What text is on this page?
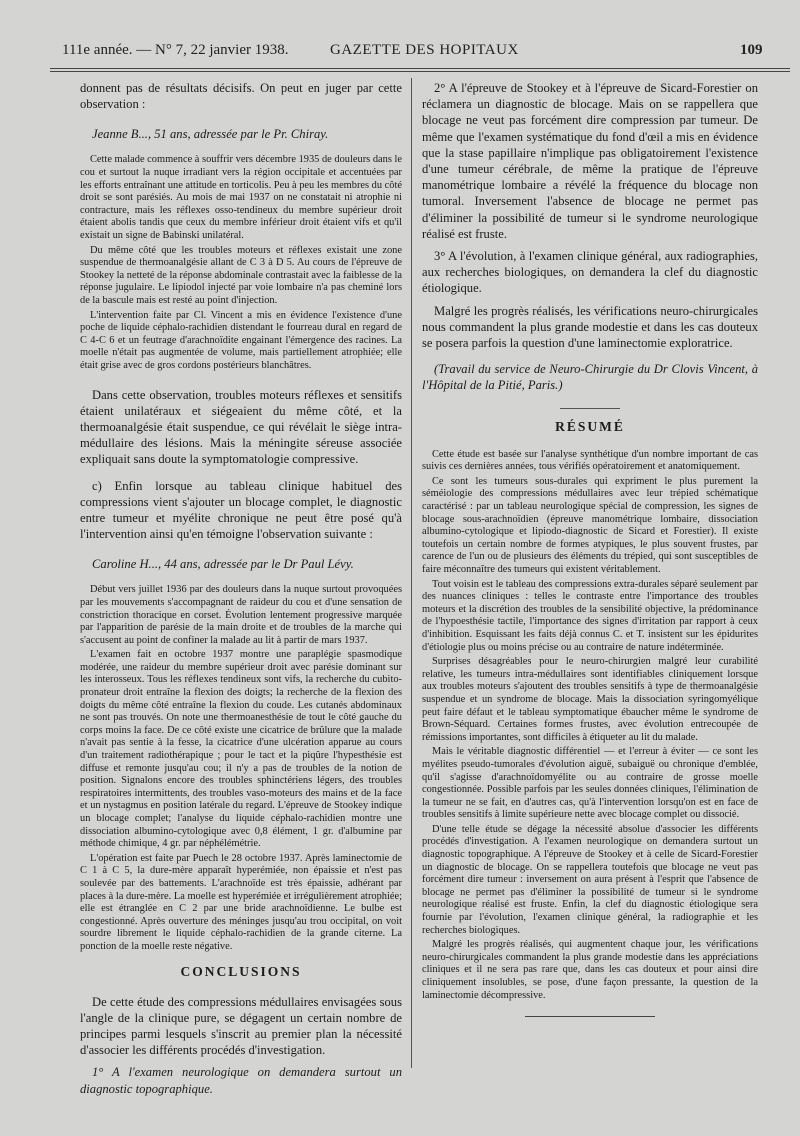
111e année. — N° 7, 22 janvier 1938.	GAZETTE DES HOPITAUX	109

donnent pas de résultats décisifs. On peut en juger par cette observation :

Jeanne B..., 51 ans, adressée par le Pr. Chiray.

Cette malade commence à souffrir vers décembre 1935 de douleurs dans le cou et surtout la nuque irradiant vers la région occipitale et accentuées par les efforts entraînant une attitude en torticolis. Peu à peu les membres du côté droit se sont parésiés. Au mois de mai 1937 on ne constatait ni atrophie ni contracture, mais les réflexes osso-tendineux du membre supérieur droit étaient abolis tandis que ceux du membre inférieur droit étaient vifs et qu'il existait un signe de Babinski unilatéral.

Du même côté que les troubles moteurs et réflexes existait une zone suspendue de thermoanalgésie allant de C 3 à D 5. Au cours de l'épreuve de Stookey la netteté de la réponse abdominale contrastait avec la faiblesse de la réponse jugulaire. Le lipiodol injecté par voie lombaire n'a pas cheminé lors de la bascule mais est resté au point d'injection.

L'intervention faite par Cl. Vincent a mis en évidence l'existence d'une poche de liquide céphalo-rachidien distendant le fourreau dural en regard de C 4-C 6 et un feutrage d'arachnoïdite engainant l'émergence des racines. La moelle n'était pas augmentée de volume, mais partiellement atrophiée; elle était grise avec de gros cordons postérieurs blanchâtres.

Dans cette observation, troubles moteurs réflexes et sensitifs étaient unilatéraux et siégeaient du même côté, et la thermoanalgésie était suspendue, ce qui révélait le siège intra-médullaire des lésions. Mais la méningite séreuse associée expliquait sans doute la symptomatologie compressive.

c) Enfin lorsque au tableau clinique habituel des compressions vient s'ajouter un blocage complet, le diagnostic entre tumeur et myélite chronique ne peut être posé qu'à l'intervention ainsi qu'en témoigne l'observation suivante :

Caroline H..., 44 ans, adressée par le Dr Paul Lévy.

Début vers juillet 1936 par des douleurs dans la nuque surtout provoquées par les mouvements s'accompagnant de raideur du cou et d'une sensation de constriction thoracique en corset. Évolution lentement progressive marquée par l'apparition de parésie de la main droite et de troubles de la marche qui s'accusent au point de confiner la malade au lit à partir de mars 1937.

L'examen fait en octobre 1937 montre une paraplégie spasmodique modérée, une raideur du membre supérieur droit avec parésie dominant sur les interosseux. Tous les réflexes tendineux sont vifs, la recherche du cubito-pronateur droit entraîne la flexion des doigts; la recherche de la flexion des doigts du même côté entraîne la flexion du coude. Les cutanés abdominaux ne sont pas trouvés. On note une thermoanesthésie de tout le côté gauche du corps moins la face. De ce côté existe une cicatrice de brûlure que la malade n'avait pas sentie à la fesse, la cicatrice d'une ulcération apparue au cours d'un traitement radiothérapique ; pour le tact et la piqûre l'hypesthésie est diffuse et remonte jusqu'au cou; il n'y a pas de troubles de la notion de position. Signalons encore des troubles sphinctériens légers, des troubles respiratoires intermittents, des troubles vaso-moteurs des mains et de la face et un nystagmus en position latérale du regard. L'épreuve de Stookey indique un blocage complet; l'analyse du liquide céphalo-rachidien montre une dissociation albumino-cytologique avec 0,8 élément, 1 gr. d'albumine par méthode chimique, 4 gr. par néphélémétrie.

L'opération est faite par Puech le 28 octobre 1937. Après laminectomie de C 1 à C 5, la dure-mère apparaît hyperémiée, non épaissie et n'est pas soulevée par des battements. L'arachnoïde est très épaissie, adhérant par places à la dure-mère. La moelle est hyperémiée et irrégulièrement atrophiée; elle est étranglée en C 2 par une bride arachnoïdienne. Le bulbe est congestionné. Après ouverture des méninges jusqu'au trou occipital, on voit sourdre librement le liquide céphalo-rachidien de la grande citerne. La ponction de la moelle reste négative.

CONCLUSIONS

De cette étude des compressions médullaires envisagées sous l'angle de la clinique pure, se dégagent un certain nombre de principes parmi lesquels s'inscrit au premier plan la nécessité d'associer les différents procédés d'investigation.

1° A l'examen neurologique on demandera surtout un diagnostic topographique.

2° A l'épreuve de Stookey et à l'épreuve de Sicard-Forestier on réclamera un diagnostic de blocage. Mais on se rappellera que blocage ne veut pas forcément dire compression par tumeur. De même que l'examen systématique du fond d'œil a mis en évidence que la stase papillaire n'implique pas obligatoirement l'existence d'une tumeur cérébrale, de même la pratique de l'épreuve manométrique lombaire a révélé la fréquence du blocage non tumoral. Inversement l'absence de blocage ne permet pas d'éliminer la possibilité de tumeur si le syndrome neurologique réalisé est fruste.

3° A l'évolution, à l'examen clinique général, aux radiographies, aux recherches biologiques, on demandera la clef du diagnostic étiologique.

Malgré les progrès réalisés, les vérifications neuro-chirurgicales nous commandent la plus grande modestie et dans les cas douteux se posera parfois la question d'une laminectomie exploratrice.

(Travail du service de Neuro-Chirurgie du Dr Clovis Vincent, à l'Hôpital de la Pitié, Paris.)

RÉSUMÉ

Cette étude est basée sur l'analyse synthétique d'un nombre important de cas suivis ces dernières années, tous vérifiés opératoirement et anatomiquement.

Ce sont les tumeurs sous-durales qui expriment le plus purement la séméiologie des compressions médullaires avec leur trépied schématique caractérisé : par un tableau neurologique spécial de compression, les signes de blocage sous-arachnoïdien (épreuve manométrique lombaire, dissociation albumino-cytologique et lipiodo-diagnostic de Sicard et Forestier). Il existe toutefois un certain nombre de formes atypiques, le plus souvent frustes, par carence de l'un ou de plusieurs des éléments du trépied, qui sont susceptibles de faire méconnaître des tumeurs qui existent véritablement.

Tout voisin est le tableau des compressions extra-durales séparé seulement par des nuances cliniques : telles le contraste entre l'importance des troubles moteurs et la discrétion des troubles de la sensibilité objective, la prédominance de l'hypoesthésie tactile, l'importance des signes d'irritation par rapport à ceux d'inhibition. Esquissant les faits déjà connus C. et T. insistent sur les épidurites d'étiologie plus ou moins précise ou au contraire de nature indéterminée.

Surprises désagréables pour le neuro-chirurgien malgré leur curabilité relative, les tumeurs intra-médullaires sont identifiables cliniquement lorsque aux troubles moteurs s'ajoutent des troubles sensitifs à type de thermoanalgésie suspendue et un syndrome de blocage. Mais la dissociation syringomyélique peut faire défaut et le tableau symptomatique ébaucher même le syndrome de Brown-Séquard. Certaines formes frustes, avec évolution entrecoupée de rémissions importantes, sont difficiles à étiqueter au lit du malade.

Mais le véritable diagnostic différentiel — et l'erreur à éviter — ce sont les myélites pseudo-tumorales d'évolution aiguë, subaiguë ou chronique d'emblée, qu'il s'agisse d'arachnoïdomyélite ou au contraire de grosse moelle congestionnée. Possible parfois par les seules données cliniques, l'élimination de la tumeur ne se fait, en d'autres cas, qu'à l'intervention lorsqu'on est en face de troubles sensitifs à limite supérieure nette avec blocage complet ou dissocié.

D'une telle étude se dégage la nécessité absolue d'associer les différents procédés d'investigation. A l'examen neurologique on demandera surtout un diagnostic topographique. A l'épreuve de Stookey et à celle de Sicard-Forestier un diagnostic de blocage. On se rappellera toutefois que blocage ne veut pas forcément dire tumeur : inversement on aura présent à l'esprit que l'absence de blocage ne permet pas d'éliminer la possibilité de tumeur si le syndrome neurologique réalisé est fruste. Enfin, la clef du diagnostic étiologique sera fournie par l'évolution, l'examen clinique général, la radiographie et les recherches biologiques.

Malgré les progrès réalisés, qui augmentent chaque jour, les vérifications neuro-chirurgicales commandent la plus grande modestie dans les appréciations cliniques et il ne sera pas rare que, dans les cas douteux et pour ainsi dire cliniquement insolubles, se pose, d'une façon pressante, la question de la laminectomie décompressive.
